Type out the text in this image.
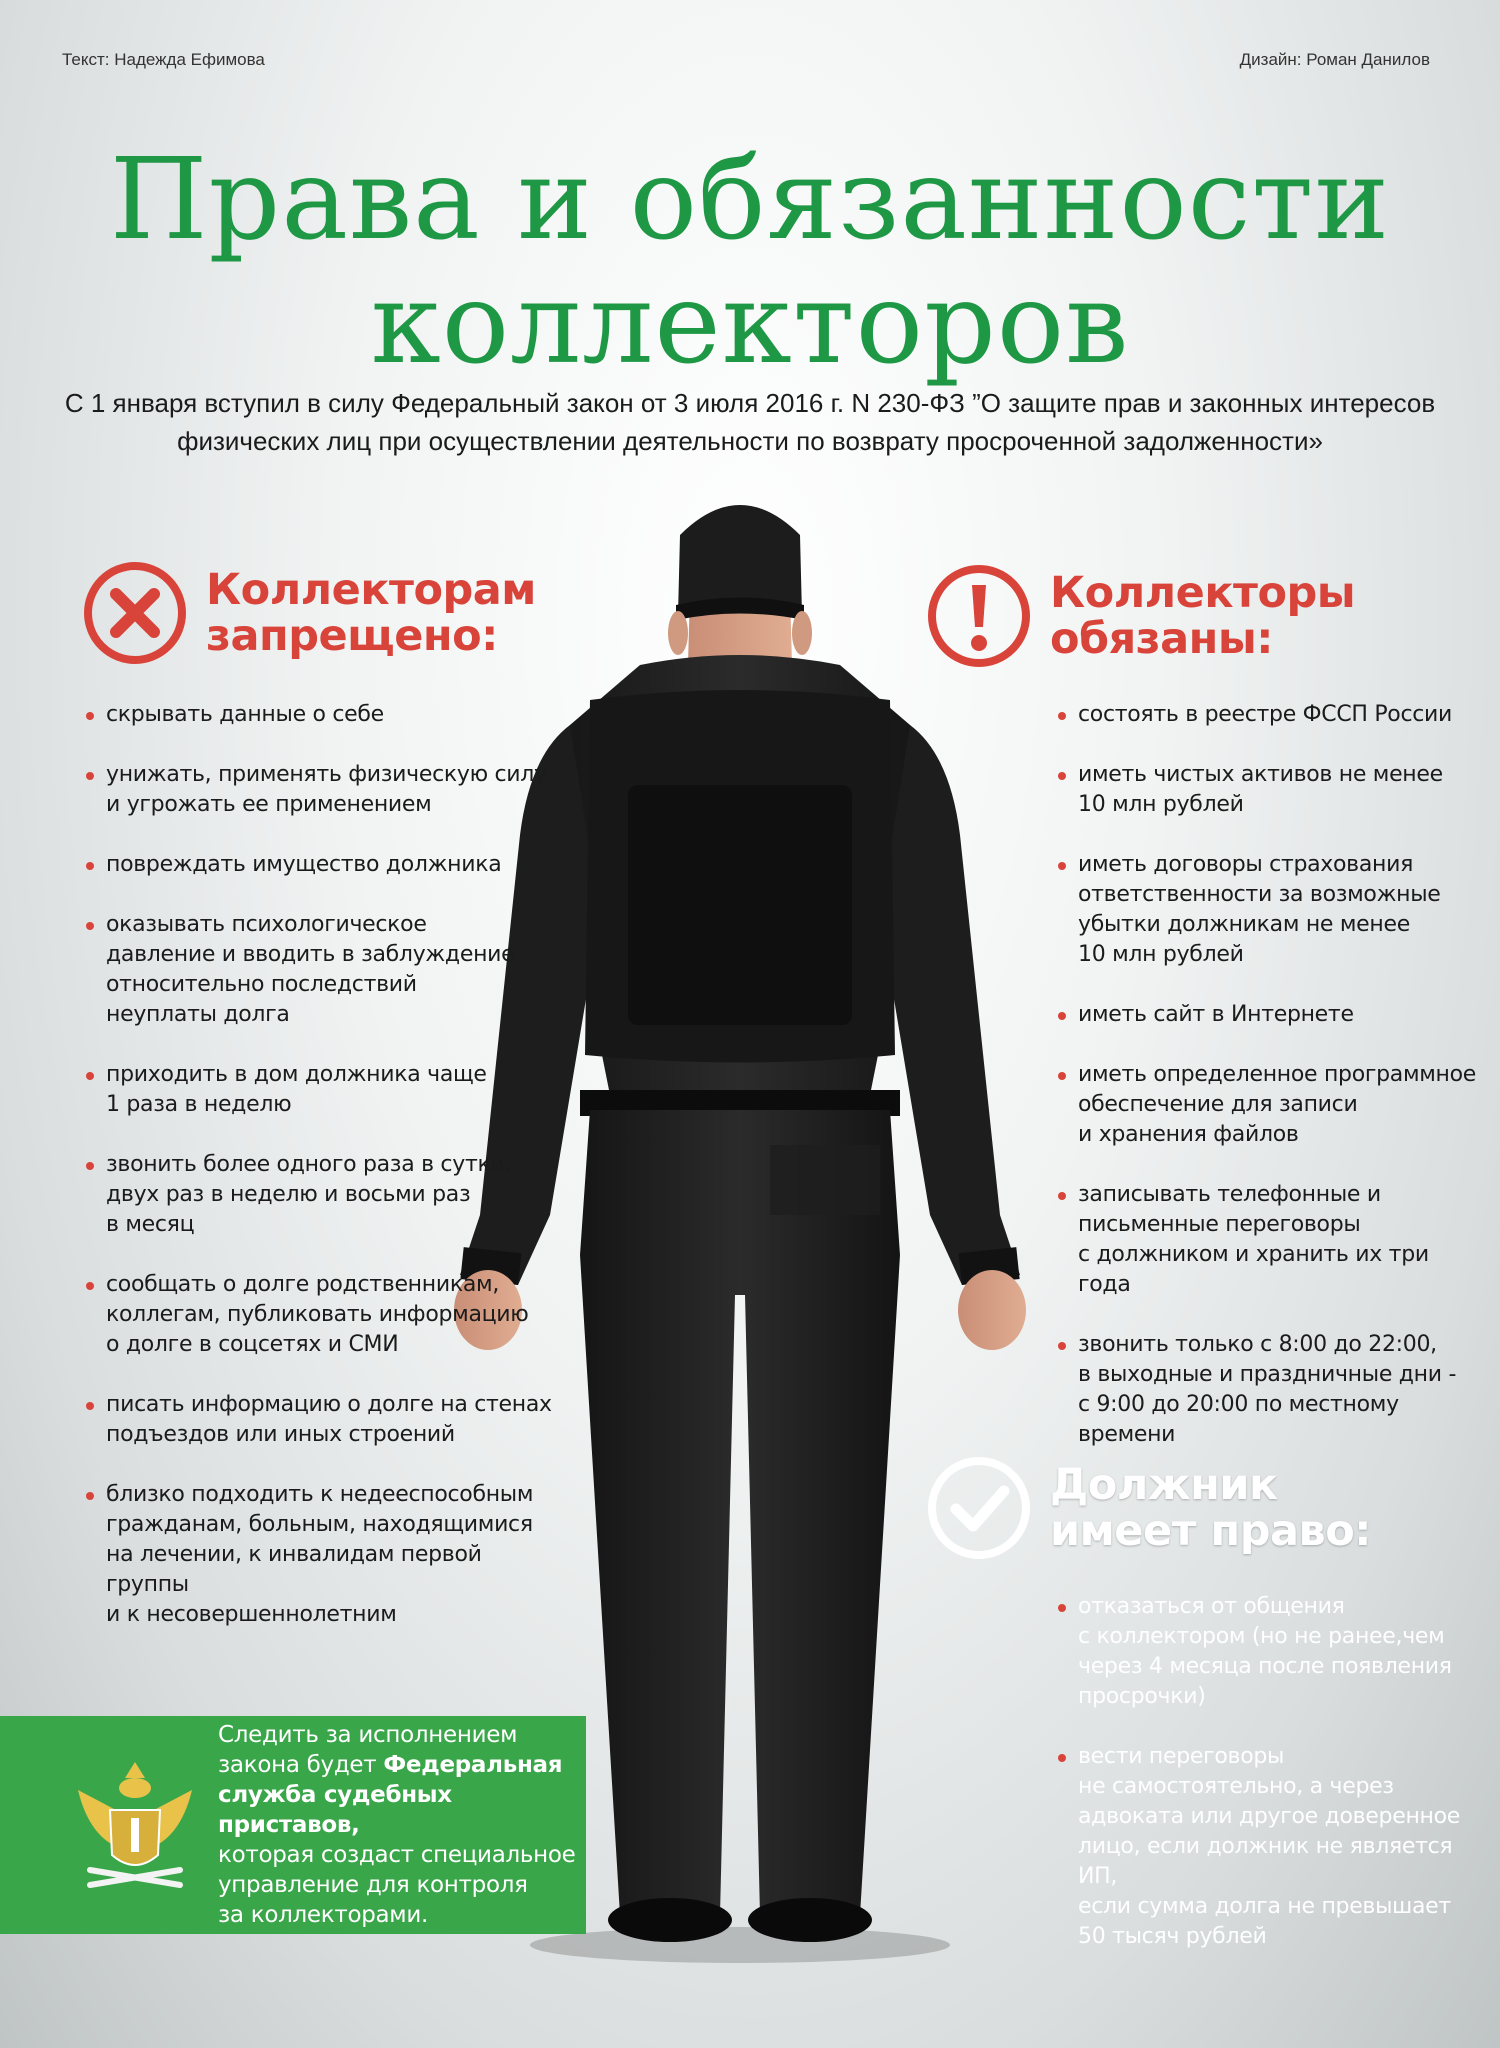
Текст: Надежда Ефимова	Дизайн: Роман Данилов
Права и обязанности
коллекторов
С 1 января вступил в силу Федеральный закон от 3 июля 2016 г. N 230-ФЗ ”О защите прав и законных интересов
физических лиц при осуществлении деятельности по возврату просроченной задолженности»
Коллекторам
запрещено:
скрывать данные о себе
унижать, применять физическую силу
и угрожать ее применением
повреждать имущество должника
оказывать психологическое
давление и вводить в заблуждение
относительно последствий
неуплаты долга
приходить в дом должника чаще
1 раза в неделю
звонить более одного раза в сутки,
двух раз в неделю и восьми раз
в месяц
сообщать о долге родственникам,
коллегам, публиковать информацию
о долге в соцсетях и СМИ
писать информацию о долге на стенах
подъездов или иных строений
близко подходить к недееспособным
гражданам, больным, находящимися
на лечении, к инвалидам первой группы
и к несовершеннолетним
Коллекторы
обязаны:
состоять в реестре ФССП России
иметь чистых активов не менее
10 млн рублей
иметь договоры страхования
ответственности за возможные
убытки должникам не менее
10 млн рублей
иметь сайт в Интернете
иметь определенное программное
обеспечение для записи
и хранения файлов
записывать телефонные и
письменные переговоры
с должником и хранить их три года
звонить только с 8:00 до 22:00,
в выходные и праздничные дни -
с 9:00 до 20:00 по местному времени
Должник
имеет право:
отказаться от общения
с коллектором (но не ранее,чем
через 4 месяца после появления
просрочки)
вести переговоры
не самостоятельно, а через
адвоката или другое доверенное
лицо, если должник не является ИП,
если сумма долга не превышает
50 тысяч рублей
Следить за исполнением
закона будет Федеральная
служба судебных приставов,
которая создаст специальное
управление для контроля
за коллекторами.
